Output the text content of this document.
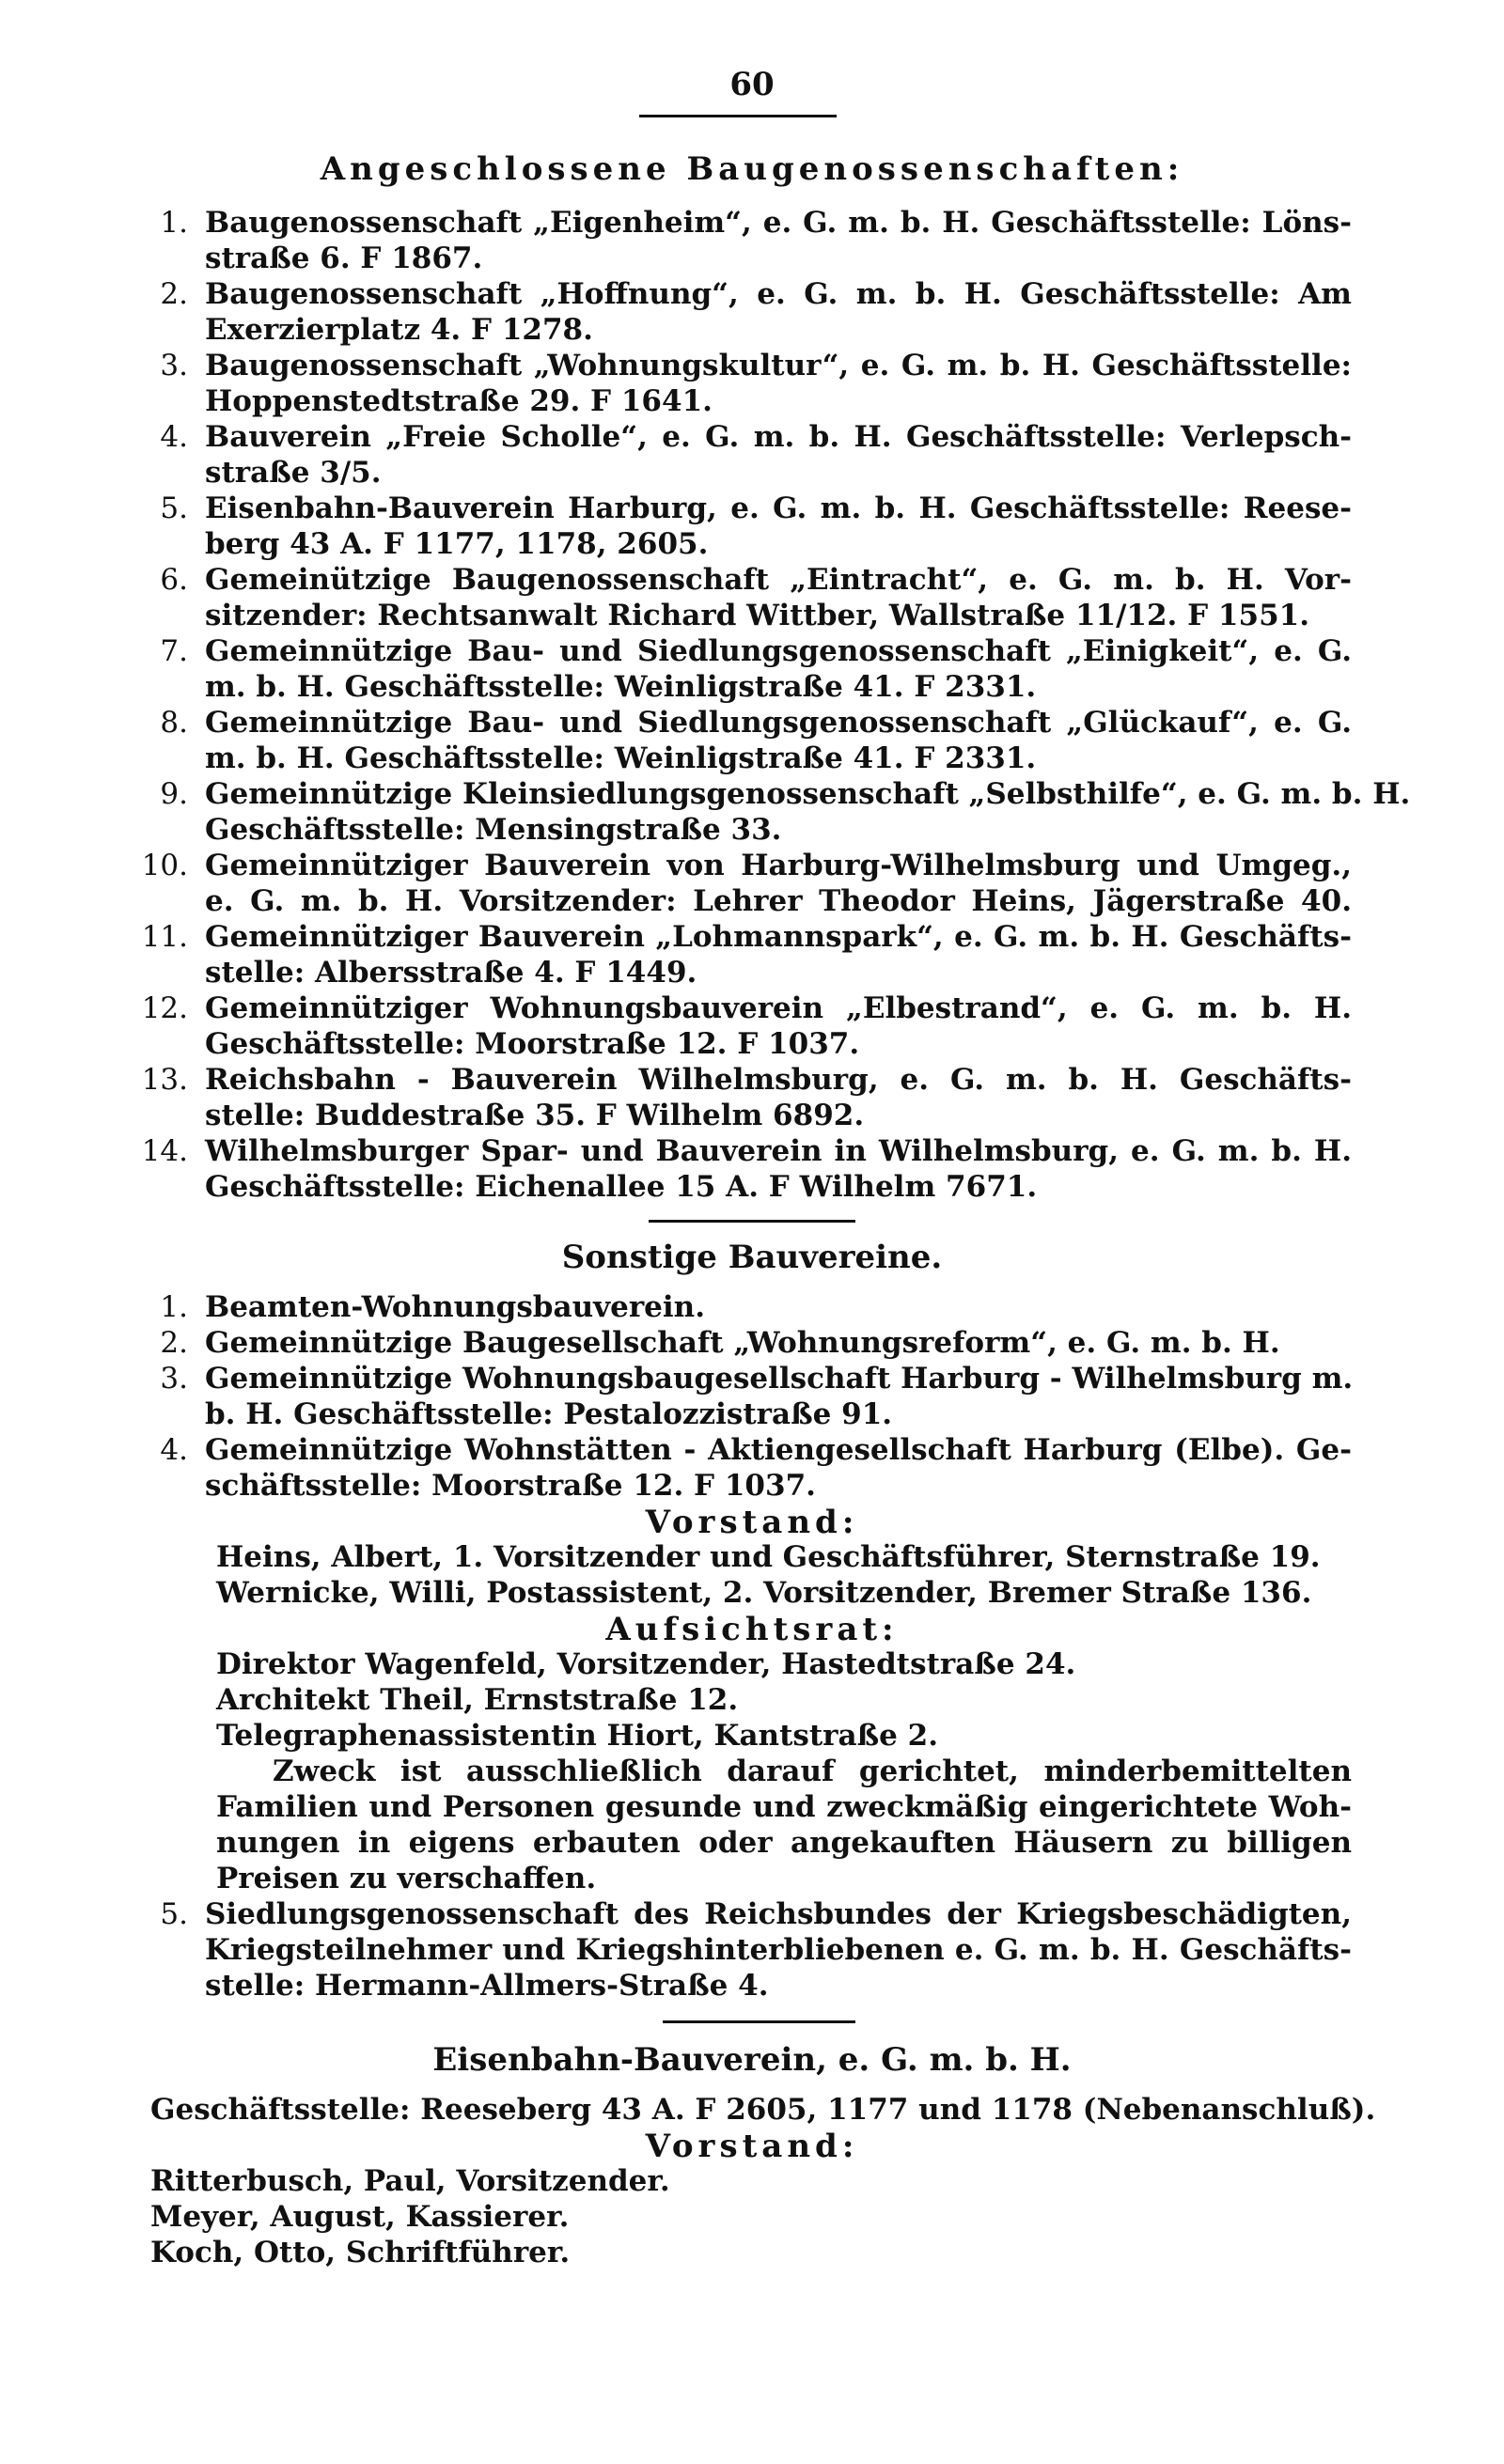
60
Angeschlossene Baugenossenschaften:
1. Baugenossenschaft „Eigenheim“, e. G. m. b. H. Geschäftsstelle: Löns-
straße 6. F 1867.
2. Baugenossenschaft „Hoffnung“, e. G. m. b. H. Geschäftsstelle: Am
Exerzierplatz 4. F 1278.
3. Baugenossenschaft „Wohnungskultur“, e. G. m. b. H. Geschäftsstelle:
Hoppenstedtstraße 29. F 1641.
4. Bauverein „Freie Scholle“, e. G. m. b. H. Geschäftsstelle: Verlepsch-
straße 3/5.
5. Eisenbahn-Bauverein Harburg, e. G. m. b. H. Geschäftsstelle: Reese-
berg 43 A. F 1177, 1178, 2605.
6. Gemeinützige Baugenossenschaft „Eintracht“, e. G. m. b. H. Vor-
sitzender: Rechtsanwalt Richard Wittber, Wallstraße 11/12. F 1551.
7. Gemeinnützige Bau- und Siedlungsgenossenschaft „Einigkeit“, e. G.
m. b. H. Geschäftsstelle: Weinligstraße 41. F 2331.
8. Gemeinnützige Bau- und Siedlungsgenossenschaft „Glückauf“, e. G.
m. b. H. Geschäftsstelle: Weinligstraße 41. F 2331.
9. Gemeinnützige Kleinsiedlungsgenossenschaft „Selbsthilfe“, e. G. m. b. H.
Geschäftsstelle: Mensingstraße 33.
10. Gemeinnütziger Bauverein von Harburg-Wilhelmsburg und Umgeg.,
e. G. m. b. H. Vorsitzender: Lehrer Theodor Heins, Jägerstraße 40.
11. Gemeinnütziger Bauverein „Lohmannspark“, e. G. m. b. H. Geschäfts-
stelle: Albersstraße 4. F 1449.
12. Gemeinnütziger Wohnungsbauverein „Elbestrand“, e. G. m. b. H.
Geschäftsstelle: Moorstraße 12. F 1037.
13. Reichsbahn - Bauverein Wilhelmsburg, e. G. m. b. H. Geschäfts-
stelle: Buddestraße 35. F Wilhelm 6892.
14. Wilhelmsburger Spar- und Bauverein in Wilhelmsburg, e. G. m. b. H.
Geschäftsstelle: Eichenallee 15 A. F Wilhelm 7671.
Sonstige Bauvereine.
1. Beamten-Wohnungsbauverein.
2. Gemeinnützige Baugesellschaft „Wohnungsreform“, e. G. m. b. H.
3. Gemeinnützige Wohnungsbaugesellschaft Harburg - Wilhelmsburg m.
b. H. Geschäftsstelle: Pestalozzistraße 91.
4. Gemeinnützige Wohnstätten - Aktiengesellschaft Harburg (Elbe). Ge-
schäftsstelle: Moorstraße 12. F 1037.
Vorstand:
Heins, Albert, 1. Vorsitzender und Geschäftsführer, Sternstraße 19.
Wernicke, Willi, Postassistent, 2. Vorsitzender, Bremer Straße 136.
Aufsichtsrat:
Direktor Wagenfeld, Vorsitzender, Hastedtstraße 24.
Architekt Theil, Ernststraße 12.
Telegraphenassistentin Hiort, Kantstraße 2.
Zweck ist ausschließlich darauf gerichtet, minderbemittelten
Familien und Personen gesunde und zweckmäßig eingerichtete Woh-
nungen in eigens erbauten oder angekauften Häusern zu billigen
Preisen zu verschaffen.
5. Siedlungsgenossenschaft des Reichsbundes der Kriegsbeschädigten,
Kriegsteilnehmer und Kriegshinterbliebenen e. G. m. b. H. Geschäfts-
stelle: Hermann-Allmers-Straße 4.
Eisenbahn-Bauverein, e. G. m. b. H.
Geschäftsstelle: Reeseberg 43 A. F 2605, 1177 und 1178 (Nebenanschluß).
Vorstand:
Ritterbusch, Paul, Vorsitzender.
Meyer, August, Kassierer.
Koch, Otto, Schriftführer.
